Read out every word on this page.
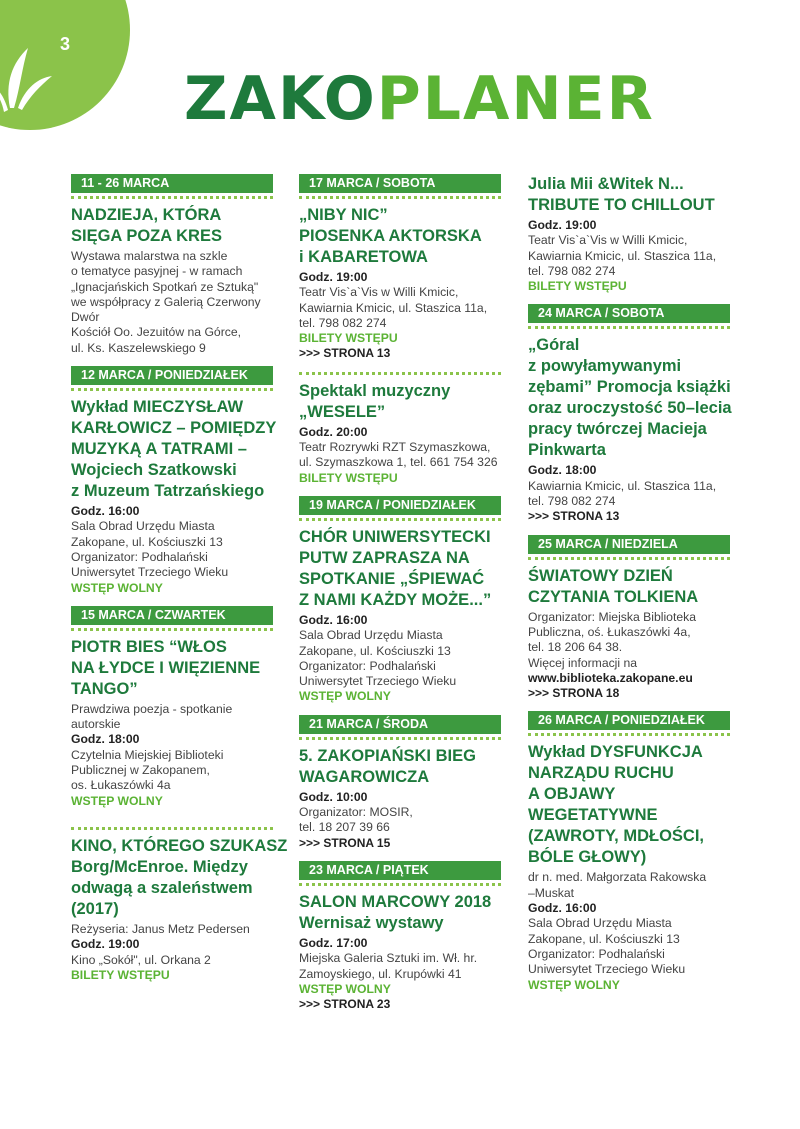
3
ZAKOPLANER
11 - 26 MARCA
NADZIEJA, KTÓRA
SIĘGA POZA KRES
Wystawa malarstwa na szkle
o tematyce pasyjnej - w ramach
„Ignacjańskich Spotkań ze Sztuką"
we współpracy z Galerią Czerwony
Dwór
Kościół Oo. Jezuitów na Górce,
ul. Ks. Kaszelewskiego 9
12 MARCA / PONIEDZIAŁEK
Wykład MIECZYSŁAW
KARŁOWICZ – POMIĘDZY
MUZYKĄ A TATRAMI –
Wojciech Szatkowski
z Muzeum Tatrzańskiego
Godz. 16:00
Sala Obrad Urzędu Miasta
Zakopane, ul. Kościuszki 13
Organizator: Podhalański
Uniwersytet Trzeciego Wieku
WSTĘP WOLNY
15 MARCA / CZWARTEK
PIOTR BIES “WŁOS
NA ŁYDCE I WIĘZIENNE
TANGO”
Prawdziwa poezja - spotkanie
autorskie
Godz. 18:00
Czytelnia Miejskiej Biblioteki
Publicznej w Zakopanem,
os. Łukaszówki 4a
WSTĘP WOLNY
KINO, KTÓREGO SZUKASZ
Borg/McEnroe. Między
odwagą a szaleństwem
(2017)
Reżyseria: Janus Metz Pedersen
Godz. 19:00
Kino „Sokół", ul. Orkana 2
BILETY WSTĘPU
17 MARCA / SOBOTA
„NIBY NIC”
PIOSENKA AKTORSKA
i KABARETOWA
Godz. 19:00
Teatr Vis`a`Vis w Willi Kmicic,
Kawiarnia Kmicic, ul. Staszica 11a,
tel. 798 082 274
BILETY WSTĘPU
>>> STRONA 13
Spektakl muzyczny
„WESELE”
Godz. 20:00
Teatr Rozrywki RZT Szymaszkowa,
ul. Szymaszkowa 1, tel. 661 754 326
BILETY WSTĘPU
19 MARCA / PONIEDZIAŁEK
CHÓR UNIWERSYTECKI
PUTW ZAPRASZA NA
SPOTKANIE „ŚPIEWAĆ
Z NAMI KAŻDY MOŻE...”
Godz. 16:00
Sala Obrad Urzędu Miasta
Zakopane, ul. Kościuszki 13
Organizator: Podhalański
Uniwersytet Trzeciego Wieku
WSTĘP WOLNY
21 MARCA / ŚRODA
5. ZAKOPIAŃSKI BIEG
WAGAROWICZA
Godz. 10:00
Organizator: MOSIR,
tel. 18 207 39 66
>>> STRONA 15
23 MARCA / PIĄTEK
SALON MARCOWY 2018
Wernisaż wystawy
Godz. 17:00
Miejska Galeria Sztuki im. Wł. hr.
Zamoyskiego, ul. Krupówki 41
WSTĘP WOLNY
>>> STRONA 23
Julia Mii &Witek N...
TRIBUTE TO CHILLOUT
Godz. 19:00
Teatr Vis`a`Vis w Willi Kmicic,
Kawiarnia Kmicic, ul. Staszica 11a,
tel. 798 082 274
BILETY WSTĘPU
24 MARCA / SOBOTA
„Góral
z powyłamywanymi
zębami” Promocja książki
oraz uroczystość 50–lecia
pracy twórczej Macieja
Pinkwarta
Godz. 18:00
Kawiarnia Kmicic, ul. Staszica 11a,
tel. 798 082 274
>>> STRONA 13
25 MARCA / NIEDZIELA
ŚWIATOWY DZIEŃ
CZYTANIA TOLKIENA
Organizator: Miejska Biblioteka
Publiczna, oś. Łukaszówki 4a,
tel. 18 206 64 38.
Więcej informacji na
www.biblioteka.zakopane.eu
>>> STRONA 18
26 MARCA / PONIEDZIAŁEK
Wykład DYSFUNKCJA
NARZĄDU RUCHU
A OBJAWY
WEGETATYWNE
(ZAWROTY, MDŁOŚCI,
BÓLE GŁOWY)
dr n. med. Małgorzata Rakowska
–Muskat
Godz. 16:00
Sala Obrad Urzędu Miasta
Zakopane, ul. Kościuszki 13
Organizator: Podhalański
Uniwersytet Trzeciego Wieku
WSTĘP WOLNY
